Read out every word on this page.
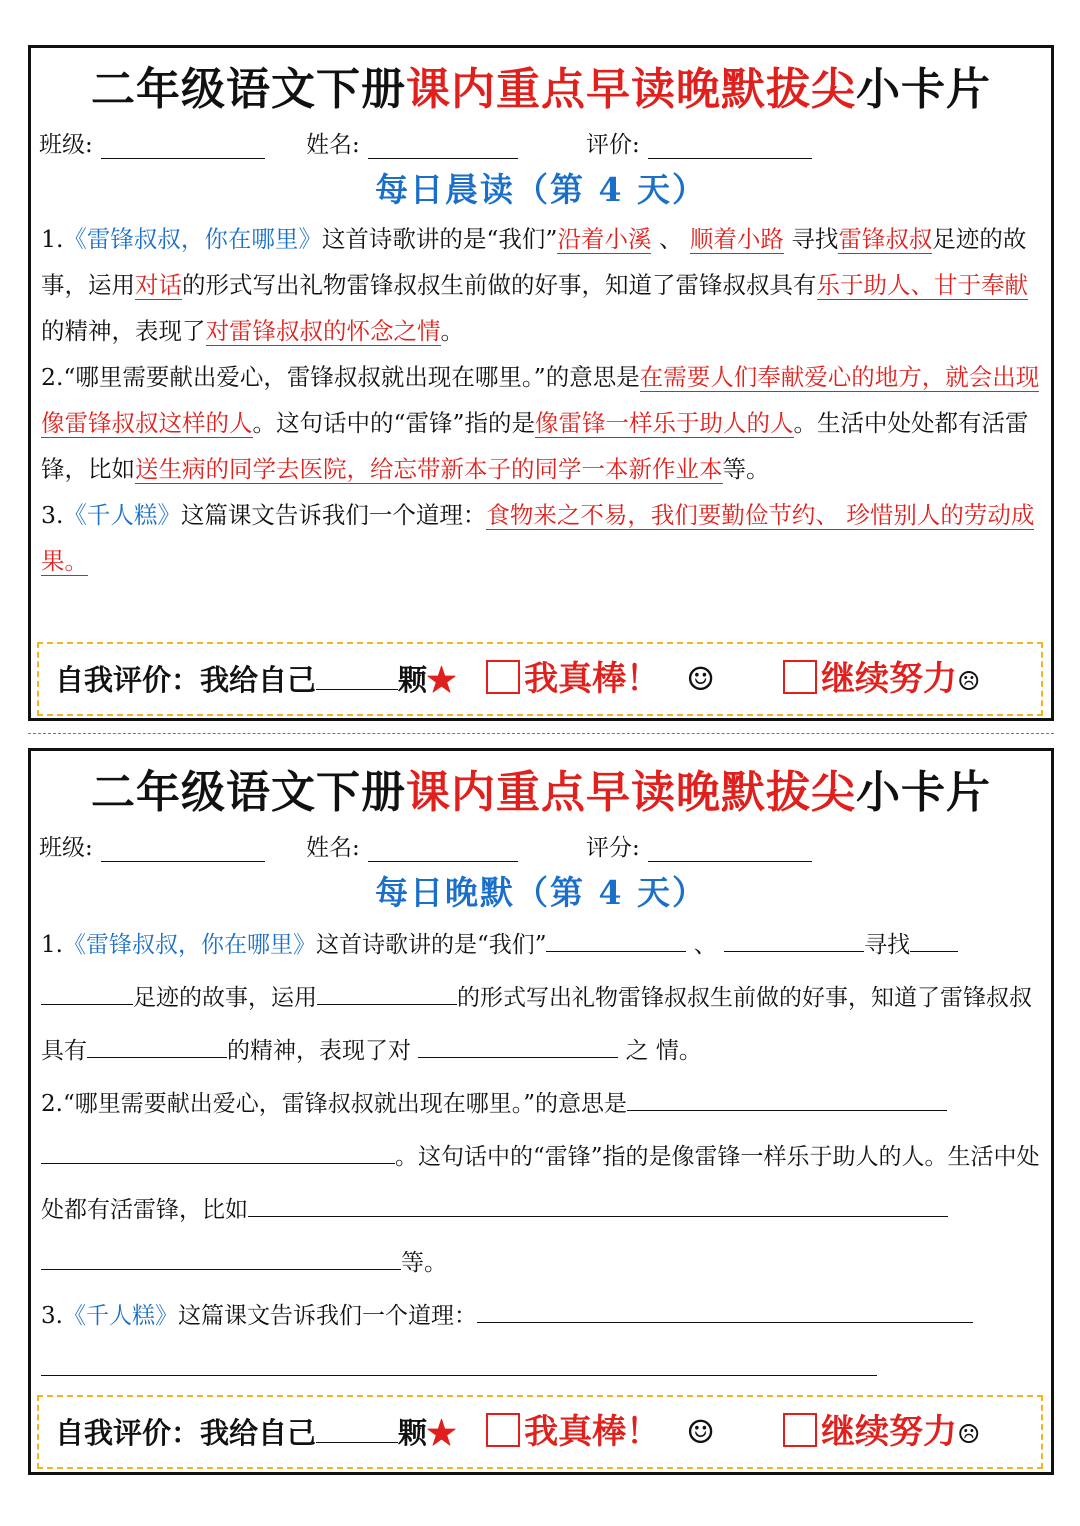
二年级语文下册课内重点早读晚默拔尖小卡片
班级:	姓名:	评价:
每日晨读（第 4 天）
1.《雷锋叔叔，你在哪里》这首诗歌讲的是“我们”沿着小溪 、 顺着小路 寻找雷锋叔叔足迹的故事，运用对话的形式写出礼物雷锋叔叔生前做的好事，知道了雷锋叔叔具有乐于助人、甘于奉献的精神，表现了对雷锋叔叔的怀念之情。
2.“哪里需要献出爱心，雷锋叔叔就出现在哪里。”的意思是在需要人们奉献爱心的地方，就会出现像雷锋叔叔这样的人。这句话中的“雷锋”指的是像雷锋一样乐于助人的人。生活中处处都有活雷锋，比如送生病的同学去医院，给忘带新本子的同学一本新作业本等。
3.《千人糕》这篇课文告诉我们一个道理：食物来之不易，我们要勤俭节约、 珍惜别人的劳动成果。
自我评价：我给自己	颗★ 我真棒！ ☺	继续努力☹
二年级语文下册课内重点早读晚默拔尖小卡片
班级:	姓名:	评分:
每日晚默（第 4 天）
1.《雷锋叔叔，你在哪里》这首诗歌讲的是“我们”	、	寻找 足迹的故事，运用	的形式写出礼物雷锋叔叔生前做的好事，知道了雷锋叔叔具有	的精神，表现了对	之 情。
2.“哪里需要献出爱心，雷锋叔叔就出现在哪里。”的意思是 。这句话中的“雷锋”指的是像雷锋一样乐于助人的人。生活中处处都有活雷锋，比如 等。
3.《千人糕》这篇课文告诉我们一个道理：
自我评价：我给自己	颗★ 我真棒！ ☺	继续努力☹
